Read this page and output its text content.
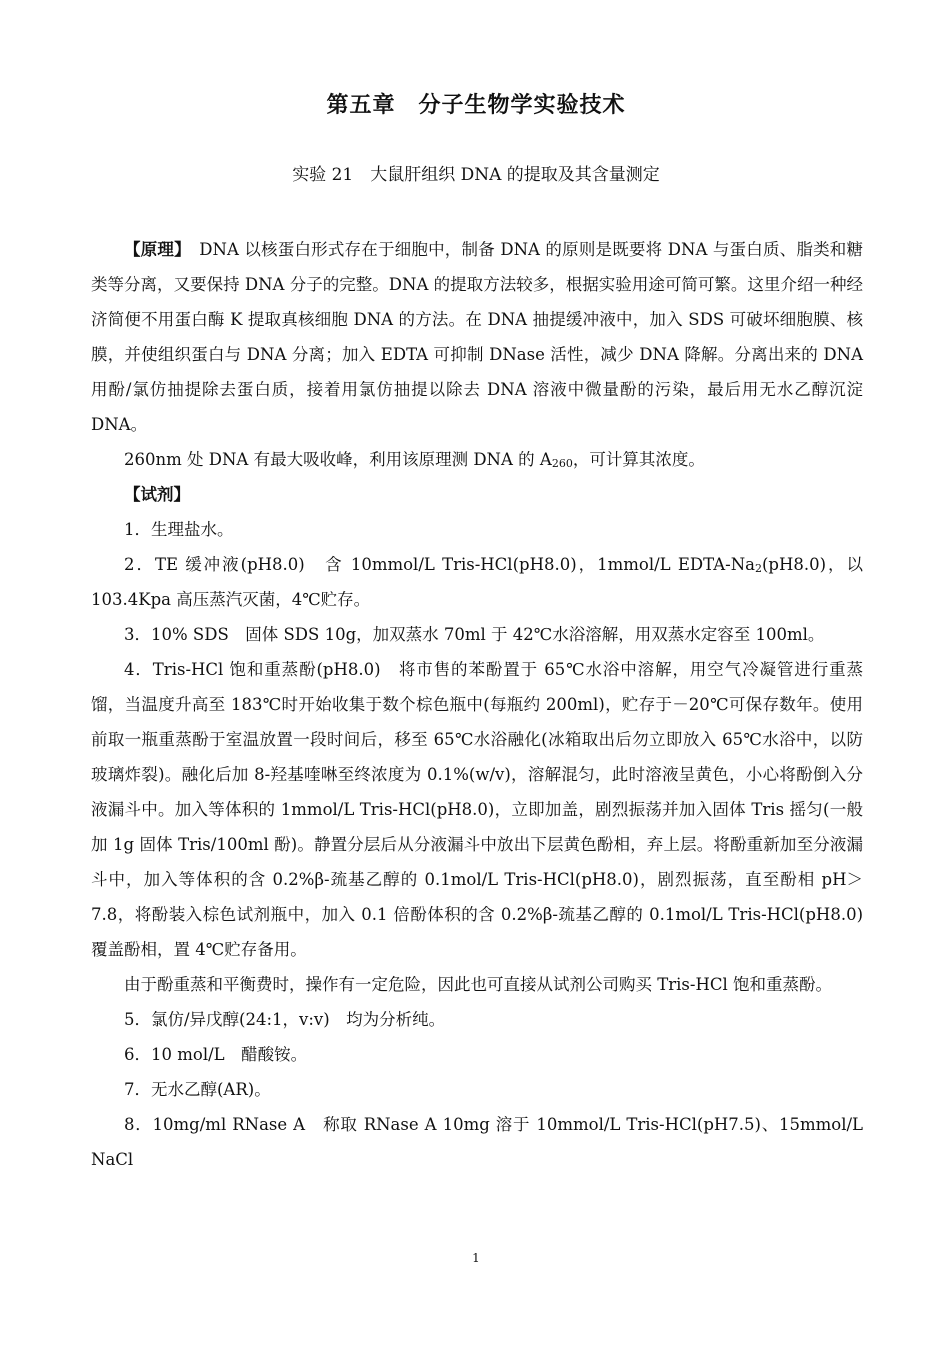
第五章　分子生物学实验技术
实验 21　大鼠肝组织 DNA 的提取及其含量测定

【原理】　DNA 以核蛋白形式存在于细胞中，制备 DNA 的原则是既要将 DNA 与蛋白质、脂类和糖类等分离，又要保持 DNA 分子的完整。DNA 的提取方法较多，根据实验用途可简可繁。这里介绍一种经济简便不用蛋白酶 K 提取真核细胞 DNA 的方法。在 DNA 抽提缓冲液中，加入 SDS 可破坏细胞膜、核膜，并使组织蛋白与 DNA 分离；加入 EDTA 可抑制 DNase 活性，减少 DNA 降解。分离出来的 DNA 用酚/氯仿抽提除去蛋白质，接着用氯仿抽提以除去 DNA 溶液中微量酚的污染，最后用无水乙醇沉淀 DNA。

260nm 处 DNA 有最大吸收峰，利用该原理测 DNA 的 $A_{260}$，可计算其浓度。

【试剂】

1．生理盐水。

2．TE 缓冲液(pH8.0)　含 10mmol/L Tris-HCl(pH8.0)，1mmol/L EDTA-$Na_2(pH8.0)$，以 103.4Kpa 高压蒸汽灭菌，4℃贮存。

3．10% SDS　固体 SDS 10g，加双蒸水 70ml 于 42℃水浴溶解，用双蒸水定容至 100ml。

4．Tris-HCl 饱和重蒸酚(pH8.0)　将市售的苯酚置于 65℃水浴中溶解，用空气冷凝管进行重蒸馏，当温度升高至 183℃时开始收集于数个棕色瓶中(每瓶约 200ml)，贮存于－20℃可保存数年。使用前取一瓶重蒸酚于室温放置一段时间后，移至 65℃水浴融化(冰箱取出后勿立即放入 65℃水浴中，以防玻璃炸裂)。融化后加 8-羟基喹啉至终浓度为 0.1%(w/v)，溶解混匀，此时溶液呈黄色，小心将酚倒入分液漏斗中。加入等体积的 1mmol/L Tris-HCl(pH8.0)，立即加盖，剧烈振荡并加入固体 Tris 摇匀(一般加 1g 固体 Tris/100ml 酚)。静置分层后从分液漏斗中放出下层黄色酚相，弃上层。将酚重新加至分液漏斗中，加入等体积的含 0.2%β-巯基乙醇的 0.1mol/L Tris-HCl(pH8.0)，剧烈振荡，直至酚相 pH＞7.8，将酚装入棕色试剂瓶中，加入 0.1 倍酚体积的含 0.2%β-巯基乙醇的 0.1mol/L Tris-HCl(pH8.0)覆盖酚相，置 4℃贮存备用。

由于酚重蒸和平衡费时，操作有一定危险，因此也可直接从试剂公司购买 Tris-HCl 饱和重蒸酚。

5．氯仿/异戊醇(24:1，v:v)　均为分析纯。

6．10 mol/L　醋酸铵。

7．无水乙醇(AR)。

8．10mg/ml RNase A　称取 RNase A 10mg 溶于 10mmol/L Tris-HCl(pH7.5)、15mmol/L NaCl

1
